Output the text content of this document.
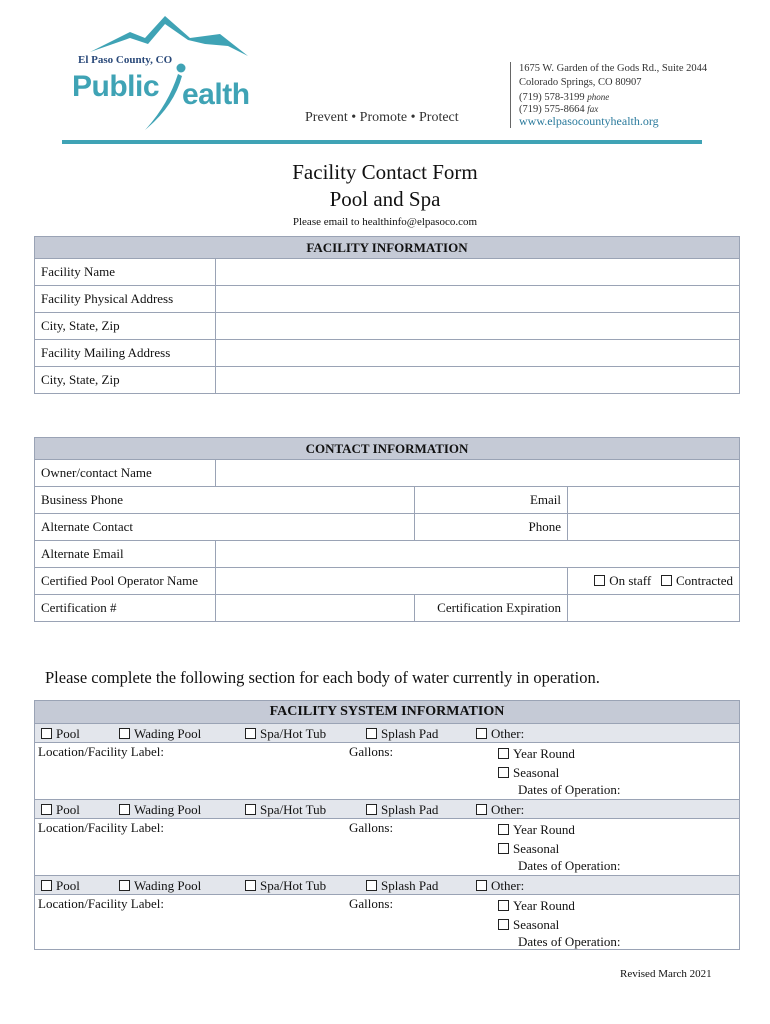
El Paso County, CO
Public ealth
Prevent • Promote • Protect
1675 W. Garden of the Gods Rd., Suite 2044
Colorado Springs, CO 80907
(719) 578-3199 phone
(719) 575-8664 fax
www.elpasocountyhealth.org
Facility Contact Form
Pool and Spa
Please email to healthinfo@elpasoco.com
FACILITY INFORMATION	
Facility Name	
Facility Physical Address	
City, State, Zip	
Facility Mailing Address	
City, State, Zip	
CONTACT INFORMATION			
Owner/contact Name			
Business Phone		Email	
Alternate Contact		Phone	
Alternate Email			
Certified Pool Operator Name			On staff Contracted
Certification #		Certification Expiration	
Please complete the following section for each body of water currently in operation.
FACILITY SYSTEM INFORMATION
Pool	Wading Pool	Spa/Hot Tub	Splash Pad	Other:
Location/Facility Label:	Gallons:	Year Round
Seasonal
Dates of Operation:
Pool	Wading Pool	Spa/Hot Tub	Splash Pad	Other:
Location/Facility Label:	Gallons:	Year Round
Seasonal
Dates of Operation:
Pool	Wading Pool	Spa/Hot Tub	Splash Pad	Other:
Location/Facility Label:	Gallons:	Year Round
Seasonal
Dates of Operation:
Revised March 2021
